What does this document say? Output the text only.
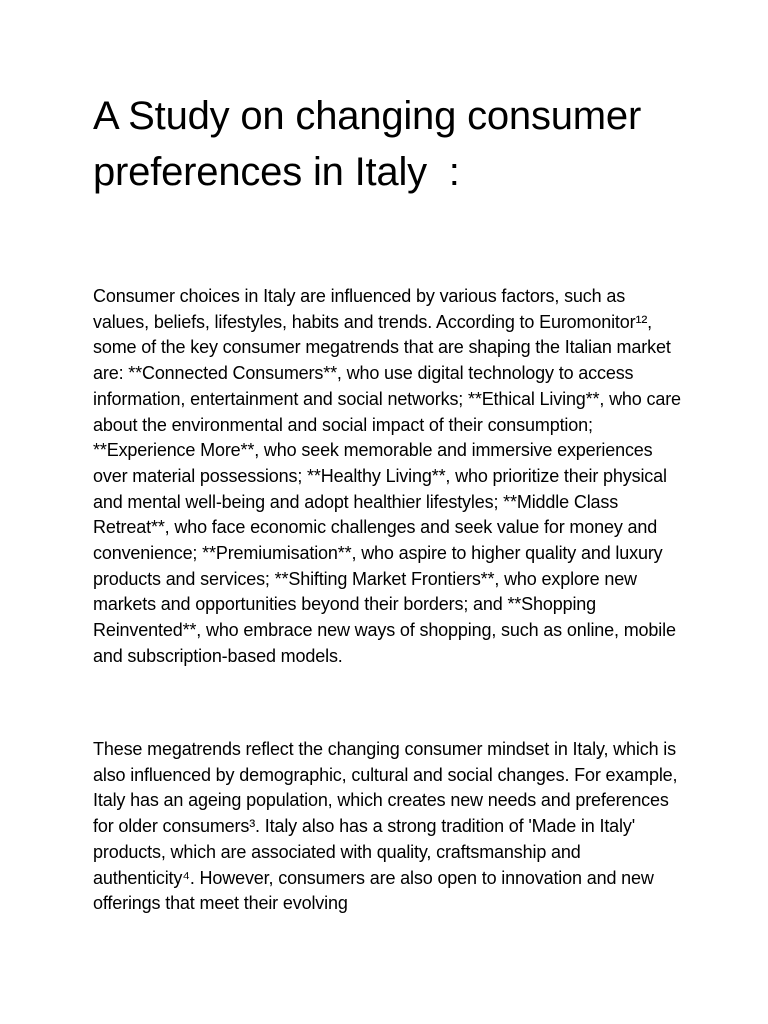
A Study on changing consumer preferences in Italy  :

Consumer choices in Italy are influenced by various factors, such as values, beliefs, lifestyles, habits and trends. According to Euromonitor¹², some of the key consumer megatrends that are shaping the Italian market are: **Connected Consumers**, who use digital technology to access information, entertainment and social networks; **Ethical Living**, who care about the environmental and social impact of their consumption; **Experience More**, who seek memorable and immersive experiences over material possessions; **Healthy Living**, who prioritize their physical and mental well-being and adopt healthier lifestyles; **Middle Class Retreat**, who face economic challenges and seek value for money and convenience; **Premiumisation**, who aspire to higher quality and luxury products and services; **Shifting Market Frontiers**, who explore new markets and opportunities beyond their borders; and **Shopping Reinvented**, who embrace new ways of shopping, such as online, mobile and subscription-based models.

These megatrends reflect the changing consumer mindset in Italy, which is also influenced by demographic, cultural and social changes. For example, Italy has an ageing population, which creates new needs and preferences for older consumers³. Italy also has a strong tradition of 'Made in Italy' products, which are associated with quality, craftsmanship and authenticity⁴. However, consumers are also open to innovation and new offerings that meet their evolving
